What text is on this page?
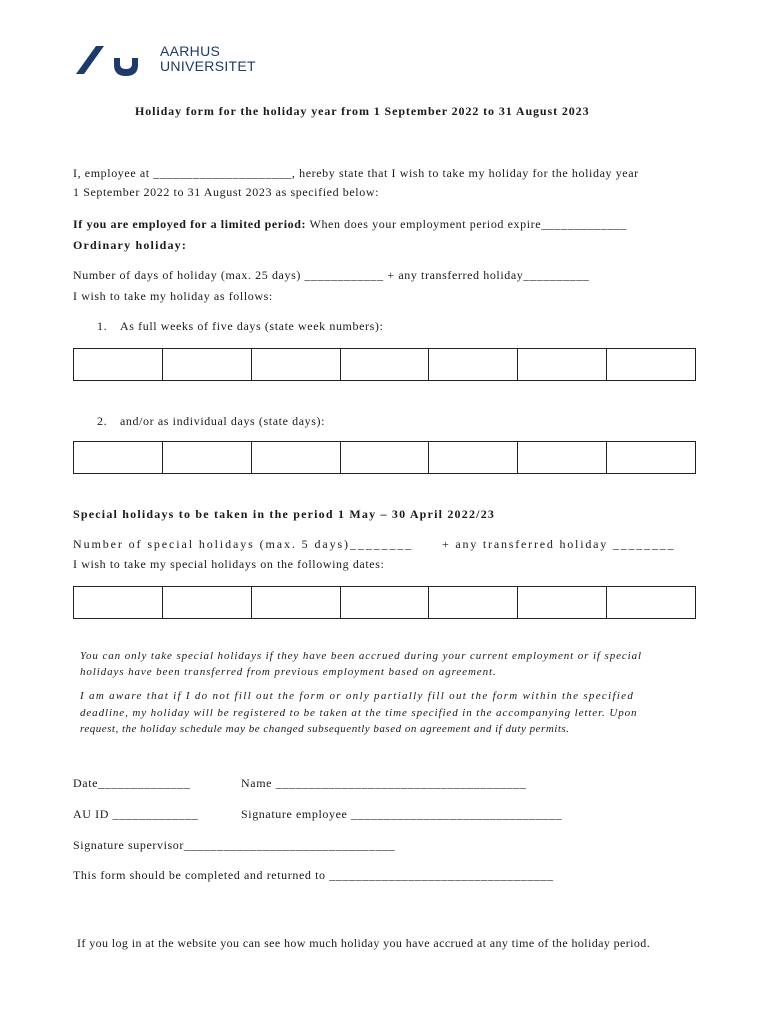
AARHUS
UNIVERSITET
Holiday form for the holiday year from 1 September 2022 to 31 August 2023
I, employee at _____________________, hereby state that I wish to take my holiday for the holiday year
1 September 2022 to 31 August 2023 as specified below:
If you are employed for a limited period: When does your employment period expire_____________
Ordinary holiday:
Number of days of holiday (max. 25 days) ____________ + any transferred holiday__________
I wish to take my holiday as follows:
1. As full weeks of five days (state week numbers):

2. and/or as individual days (state days):

Special holidays to be taken in the period 1 May – 30 April 2022/23
Number of special holidays (max. 5 days)________ + any transferred holiday ________
I wish to take my special holidays on the following dates:

You can only take special holidays if they have been accrued during your current employment or if special
holidays have been transferred from previous employment based on agreement.
I am aware that if I do not fill out the form or only partially fill out the form within the specified
deadline, my holiday will be registered to be taken at the time specified in the accompanying letter. Upon
request, the holiday schedule may be changed subsequently based on agreement and if duty permits.
Date______________	Name ______________________________________
AU ID _____________	Signature employee ________________________________
Signature supervisor________________________________
This form should be completed and returned to __________________________________
If you log in at the website you can see how much holiday you have accrued at any time of the holiday period.
